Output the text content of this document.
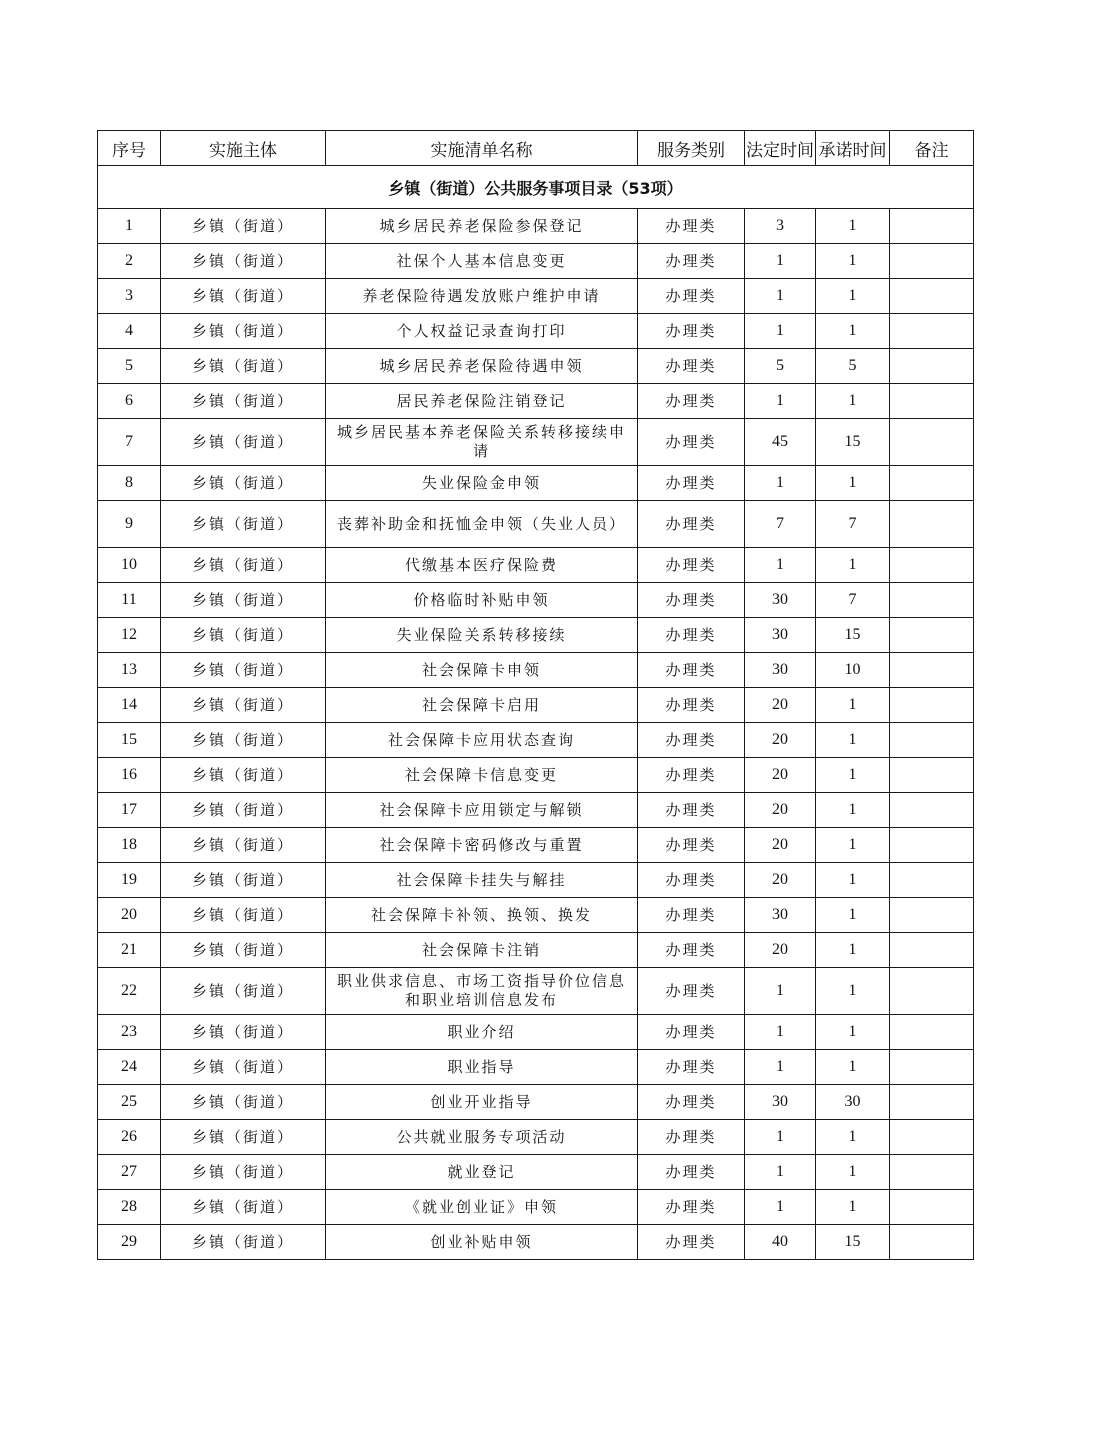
序号	实施主体	实施清单名称	服务类别	法定时间	承诺时间	备注
乡镇（街道）公共服务事项目录（53项）						
1	乡镇（街道）	城乡居民养老保险参保登记	办理类	3	1	
2	乡镇（街道）	社保个人基本信息变更	办理类	1	1	
3	乡镇（街道）	养老保险待遇发放账户维护申请	办理类	1	1	
4	乡镇（街道）	个人权益记录查询打印	办理类	1	1	
5	乡镇（街道）	城乡居民养老保险待遇申领	办理类	5	5	
6	乡镇（街道）	居民养老保险注销登记	办理类	1	1	
7	乡镇（街道）	城乡居民基本养老保险关系转移接续申请	办理类	45	15	
8	乡镇（街道）	失业保险金申领	办理类	1	1	
9	乡镇（街道）	丧葬补助金和抚恤金申领（失业人员）	办理类	7	7	
10	乡镇（街道）	代缴基本医疗保险费	办理类	1	1	
11	乡镇（街道）	价格临时补贴申领	办理类	30	7	
12	乡镇（街道）	失业保险关系转移接续	办理类	30	15	
13	乡镇（街道）	社会保障卡申领	办理类	30	10	
14	乡镇（街道）	社会保障卡启用	办理类	20	1	
15	乡镇（街道）	社会保障卡应用状态查询	办理类	20	1	
16	乡镇（街道）	社会保障卡信息变更	办理类	20	1	
17	乡镇（街道）	社会保障卡应用锁定与解锁	办理类	20	1	
18	乡镇（街道）	社会保障卡密码修改与重置	办理类	20	1	
19	乡镇（街道）	社会保障卡挂失与解挂	办理类	20	1	
20	乡镇（街道）	社会保障卡补领、换领、换发	办理类	30	1	
21	乡镇（街道）	社会保障卡注销	办理类	20	1	
22	乡镇（街道）	职业供求信息、市场工资指导价位信息和职业培训信息发布	办理类	1	1	
23	乡镇（街道）	职业介绍	办理类	1	1	
24	乡镇（街道）	职业指导	办理类	1	1	
25	乡镇（街道）	创业开业指导	办理类	30	30	
26	乡镇（街道）	公共就业服务专项活动	办理类	1	1	
27	乡镇（街道）	就业登记	办理类	1	1	
28	乡镇（街道）	《就业创业证》申领	办理类	1	1	
29	乡镇（街道）	创业补贴申领	办理类	40	15	
